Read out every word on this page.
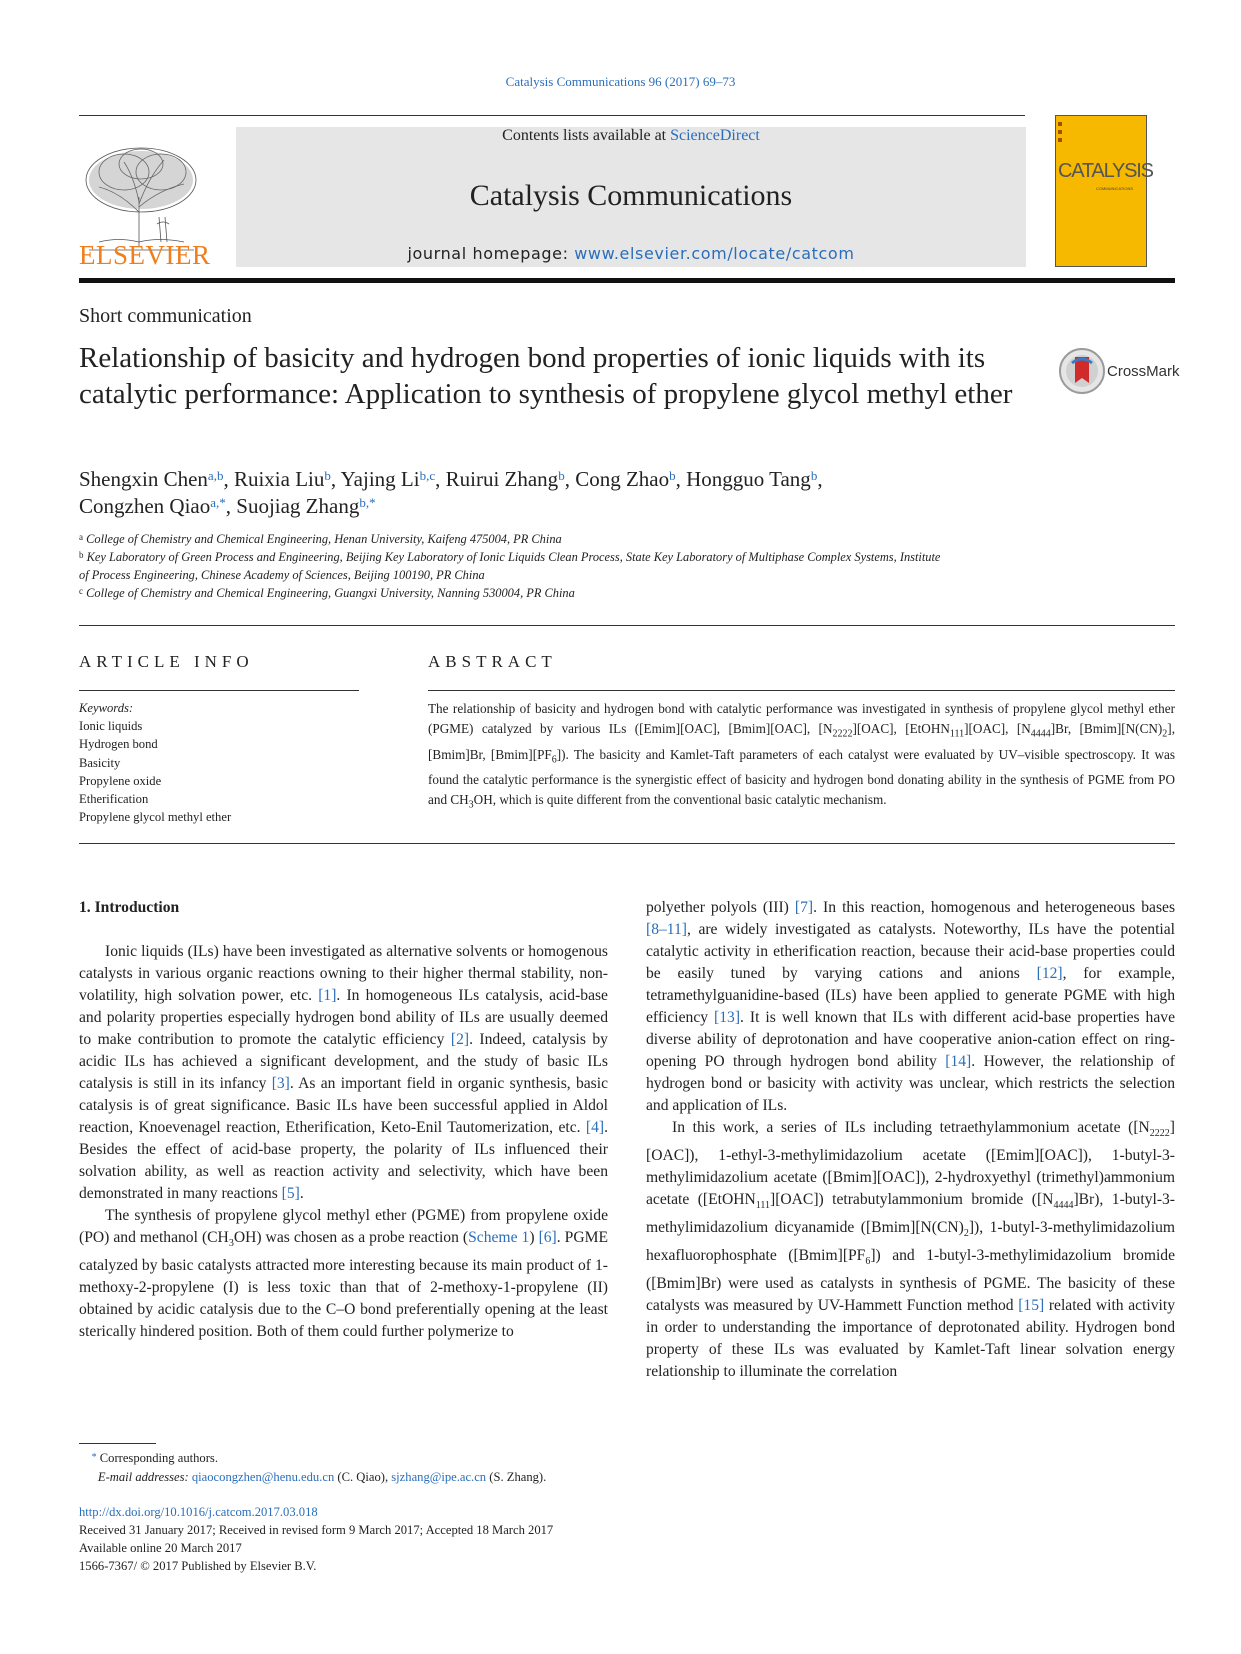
Catalysis Communications 96 (2017) 69–73
ELSEVIER
Contents lists available at ScienceDirect
Catalysis Communications
journal homepage: www.elsevier.com/locate/catcom
CATALYSIS
COMMUNICATIONS
Short communication
Relationship of basicity and hydrogen bond properties of ionic liquids with its catalytic performance: Application to synthesis of propylene glycol methyl ether
CrossMark
Shengxin Chen$^{a,b}$, Ruixia Liu$^b$, Yajing Li$^{b,c}$, Ruirui Zhang$^b$, Cong Zhao$^b$, Hongguo Tang$^b$,
Congzhen Qiao$^{a,*}$, Suojiag Zhang$^{b,*}$
$^a$ College of Chemistry and Chemical Engineering, Henan University, Kaifeng 475004, PR China
$^b$ Key Laboratory of Green Process and Engineering, Beijing Key Laboratory of Ionic Liquids Clean Process, State Key Laboratory of Multiphase Complex Systems, Institute
of Process Engineering, Chinese Academy of Sciences, Beijing 100190, PR China
$^c$ College of Chemistry and Chemical Engineering, Guangxi University, Nanning 530004, PR China
ARTICLE INFO
Keywords:
Ionic liquids
Hydrogen bond
Basicity
Propylene oxide
Etherification
Propylene glycol methyl ether
ABSTRACT
The relationship of basicity and hydrogen bond with catalytic performance was investigated in synthesis of propylene glycol methyl ether (PGME) catalyzed by various ILs ([Emim][OAC], [Bmim][OAC], $[N_{2222}][OAC]$, [EtOHN$_{111}$][OAC], $[N_{4444}]Br$, $[Bmim][N(CN)_2]$, [Bmim]Br, $[Bmim][PF_6]$). The basicity and Kamlet-Taft parameters of each catalyst were evaluated by UV–visible spectroscopy. It was found the catalytic performance is the synergistic effect of basicity and hydrogen bond donating ability in the synthesis of PGME from PO and $CH_3OH$, which is quite different from the conventional basic catalytic mechanism.

1. Introduction

Ionic liquids (ILs) have been investigated as alternative solvents or homogenous catalysts in various organic reactions owning to their higher thermal stability, non-volatility, high solvation power, etc. [1]. In homogeneous ILs catalysis, acid-base and polarity properties especially hydrogen bond ability of ILs are usually deemed to make contribution to promote the catalytic efficiency [2]. Indeed, catalysis by acidic ILs has achieved a significant development, and the study of basic ILs catalysis is still in its infancy [3]. As an important field in organic synthesis, basic catalysis is of great significance. Basic ILs have been successful applied in Aldol reaction, Knoevenagel reaction, Etherification, Keto-Enil Tautomerization, etc. [4]. Besides the effect of acid-base property, the polarity of ILs influenced their solvation ability, as well as reaction activity and selectivity, which have been demonstrated in many reactions [5].

The synthesis of propylene glycol methyl ether (PGME) from propylene oxide (PO) and methanol $(CH_3OH)$ was chosen as a probe reaction (Scheme 1) [6]. PGME catalyzed by basic catalysts attracted more interesting because its main product of 1-methoxy-2-propylene (I) is less toxic than that of 2-methoxy-1-propylene (II) obtained by acidic catalysis due to the C–O bond preferentially opening at the least sterically hindered position. Both of them could further polymerize to

polyether polyols (III) [7]. In this reaction, homogenous and heterogeneous bases [8–11], are widely investigated as catalysts. Noteworthy, ILs have the potential catalytic activity in etherification reaction, because their acid-base properties could be easily tuned by varying cations and anions [12], for example, tetramethylguanidine-based (ILs) have been applied to generate PGME with high efficiency [13]. It is well known that ILs with different acid-base properties have diverse ability of deprotonation and have cooperative anion-cation effect on ring-opening PO through hydrogen bond ability [14]. However, the relationship of hydrogen bond or basicity with activity was unclear, which restricts the selection and application of ILs.

In this work, a series of ILs including tetraethylammonium acetate $([N_{2222}][OAC])$, 1-ethyl-3-methylimidazolium acetate ([Emim][OAC]), 1-butyl-3-methylimidazolium acetate ([Bmim][OAC]), 2-hydroxyethyl (trimethyl)ammonium acetate ([EtOHN$_{111}$][OAC]) tetrabutylammonium bromide $([N_{4444}]Br)$, 1-butyl-3-methylimidazolium dicyanamide $([Bmim][N(CN)_2])$, 1-butyl-3-methylimidazolium hexafluorophosphate $([Bmim][PF_6])$ and 1-butyl-3-methylimidazolium bromide ([Bmim]Br) were used as catalysts in synthesis of PGME. The basicity of these catalysts was measured by UV-Hammett Function method [15] related with activity in order to understanding the importance of deprotonated ability. Hydrogen bond property of these ILs was evaluated by Kamlet-Taft linear solvation energy relationship to illuminate the correlation

* Corresponding authors.
E-mail addresses: qiaocongzhen@henu.edu.cn (C. Qiao), sjzhang@ipe.ac.cn (S. Zhang).
http://dx.doi.org/10.1016/j.catcom.2017.03.018
Received 31 January 2017; Received in revised form 9 March 2017; Accepted 18 March 2017
Available online 20 March 2017
1566-7367/ © 2017 Published by Elsevier B.V.
